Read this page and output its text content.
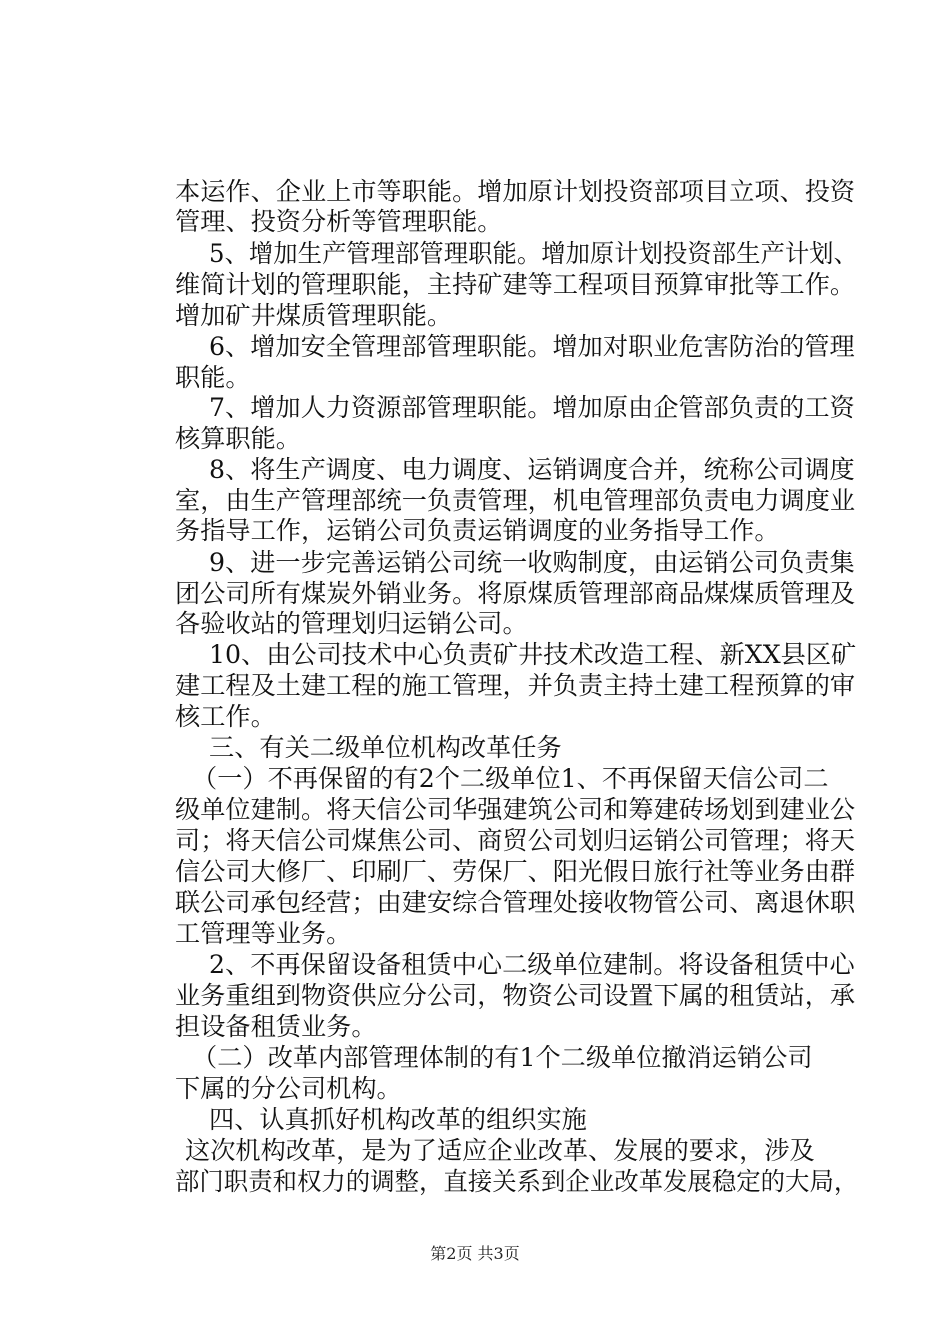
本运作、企业上市等职能。增加原计划投资部项目立项、投资
管理、投资分析等管理职能。
5、增加生产管理部管理职能。增加原计划投资部生产计划、
维简计划的管理职能，主持矿建等工程项目预算审批等工作。
增加矿井煤质管理职能。
6、增加安全管理部管理职能。增加对职业危害防治的管理
职能。
7、增加人力资源部管理职能。增加原由企管部负责的工资
核算职能。
8、将生产调度、电力调度、运销调度合并，统称公司调度
室，由生产管理部统一负责管理，机电管理部负责电力调度业
务指导工作，运销公司负责运销调度的业务指导工作。
9、进一步完善运销公司统一收购制度，由运销公司负责集
团公司所有煤炭外销业务。将原煤质管理部商品煤煤质管理及
各验收站的管理划归运销公司。
10、由公司技术中心负责矿井技术改造工程、新XX县区矿
建工程及土建工程的施工管理，并负责主持土建工程预算的审
核工作。
三、有关二级单位机构改革任务
（一）不再保留的有2个二级单位1、不再保留天信公司二
级单位建制。将天信公司华强建筑公司和筹建砖场划到建业公
司；将天信公司煤焦公司、商贸公司划归运销公司管理；将天
信公司大修厂、印刷厂、劳保厂、阳光假日旅行社等业务由群
联公司承包经营；由建安综合管理处接收物管公司、离退休职
工管理等业务。
2、不再保留设备租赁中心二级单位建制。将设备租赁中心
业务重组到物资供应分公司，物资公司设置下属的租赁站，承
担设备租赁业务。
（二）改革内部管理体制的有1个二级单位撤消运销公司
下属的分公司机构。
四、认真抓好机构改革的组织实施
这次机构改革，是为了适应企业改革、发展的要求，涉及
部门职责和权力的调整，直接关系到企业改革发展稳定的大局，
第2页 共3页
